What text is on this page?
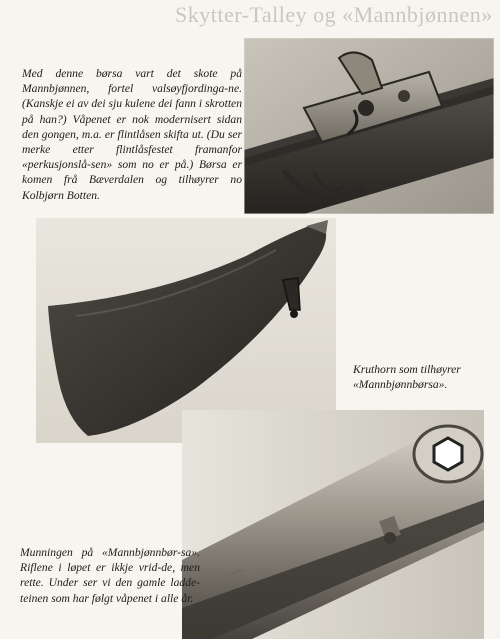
Skytter-Talley og «Mannbjønnen»
Med denne børsa vart det skote på Mannbjønnen, fortel valsøyfjordinga-ne. (Kanskje ei av dei sju kulene dei fann i skrotten på han?) Våpenet er nok modernisert sidan den gongen, m.a. er flintlåsen skifta ut. (Du ser merke etter flintlåsfestet framanfor «perkusjonslå-sen» som no er på.) Børsa er komen frå Bæverdalen og tilhøyrer no Kolbjørn Botten.
Kruthorn som tilhøyrer «Mannbjønnbørsa».
Munningen på «Mannbjønnbør-sa». Riflene i løpet er ikkje vrid-de, men rette. Under ser vi den gamle ladde-teinen som har følgt våpenet i alle år.
